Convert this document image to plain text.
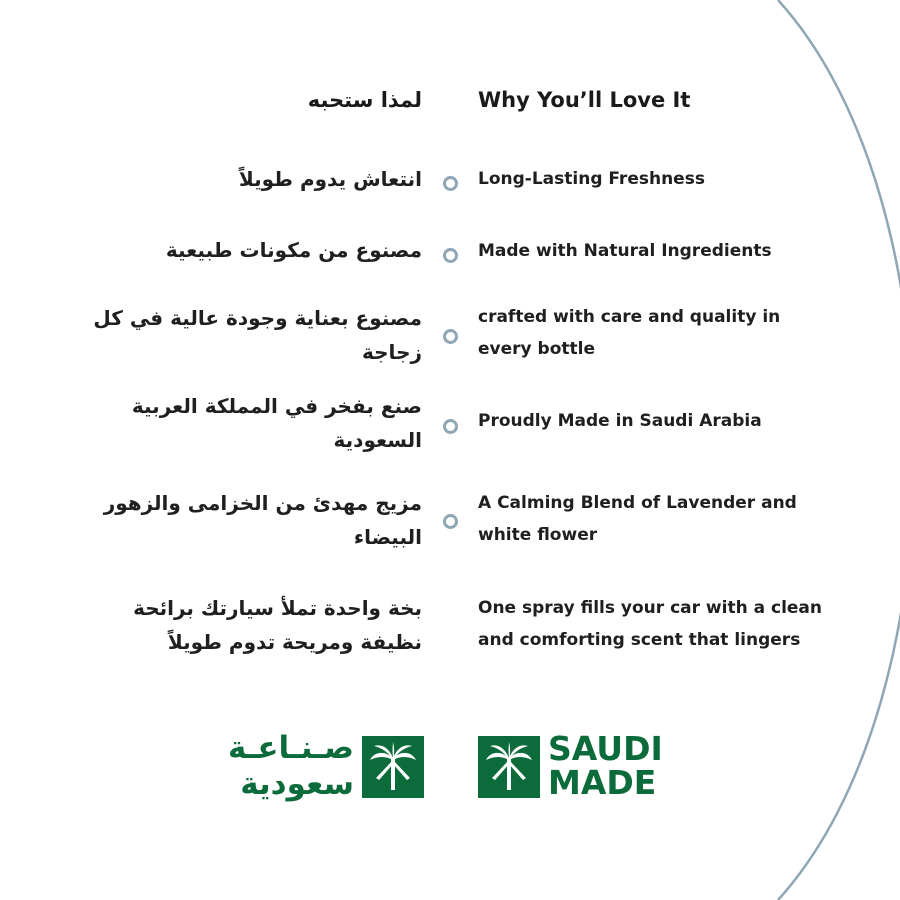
Why You’ll Love It
لمذا ستحبه
انتعاش يدوم طويلاً	Long-Lasting Freshness
مصنوع من مكونات طبيعية	Made with Natural Ingredients
مصنوع بعناية وجودة عالية في كل زجاجة
crafted with care and quality in every bottle
صنع بفخر في المملكة العربية السعودية
Proudly Made in Saudi Arabia
مزيج مهدئ من الخزامى والزهور البيضاء
A Calming Blend of Lavender and white flower
بخة واحدة تملأ سيارتك برائحة نظيفة ومريحة تدوم طويلاً
One spray fills your car with a clean and comforting scent that lingers
صـنـاعـة
سعودية
SAUDI
MADE
